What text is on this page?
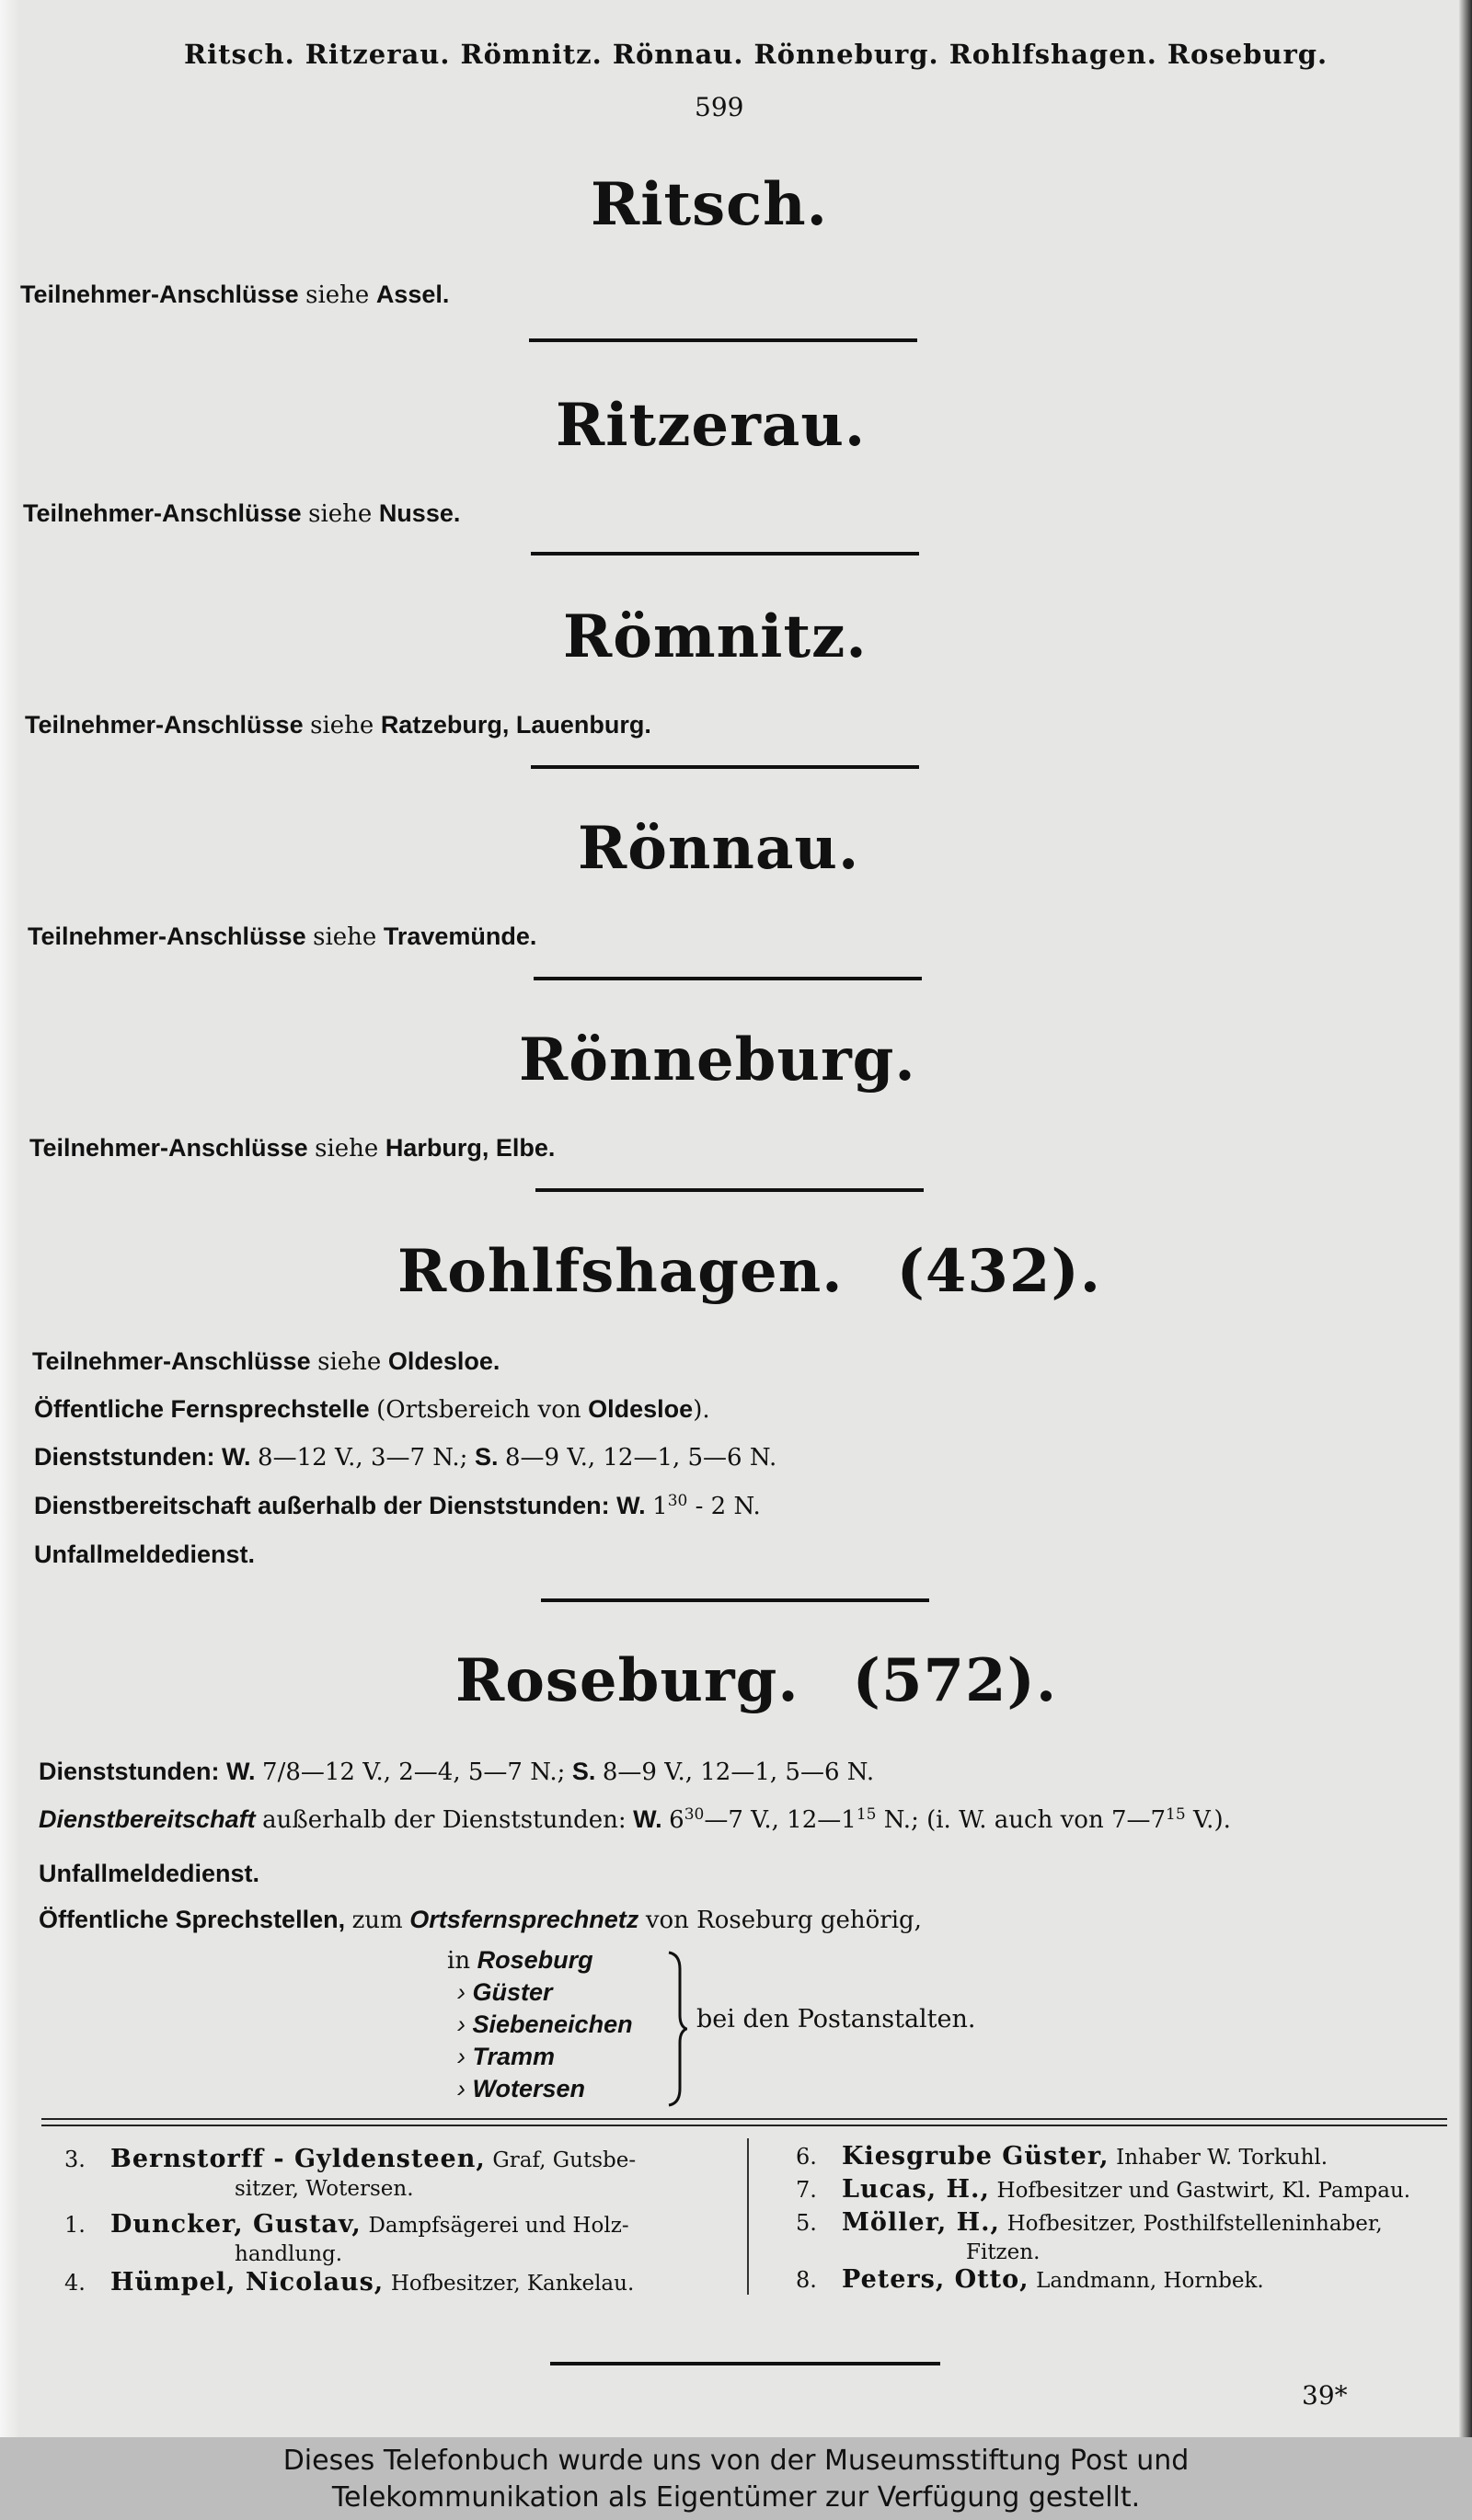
Ritsch. Ritzerau. Römnitz. Rönnau. Rönneburg. Rohlfshagen. Roseburg.
599
Ritsch.
Teilnehmer-Anschlüsse siehe Assel.
Ritzerau.
Teilnehmer-Anschlüsse siehe Nusse.
Römnitz.
Teilnehmer-Anschlüsse siehe Ratzeburg, Lauenburg.
Rönnau.
Teilnehmer-Anschlüsse siehe Travemünde.
Rönneburg.
Teilnehmer-Anschlüsse siehe Harburg, Elbe.
Rohlfshagen. (432).
Teilnehmer-Anschlüsse siehe Oldesloe.
Öffentliche Fernsprechstelle (Ortsbereich von Oldesloe).
Dienststunden: W. 8—12 V., 3—7 N.; S. 8—9 V., 12—1, 5—6 N.
Dienstbereitschaft außerhalb der Dienststunden: W. $1^{30} - 2$ N.
Unfallmeldedienst.
Roseburg. (572).
Dienststunden: W. 7/8—12 V., 2—4, 5—7 N.; S. 8—9 V., 12—1, 5—6 N.
Dienstbereitschaft außerhalb der Dienststunden: W. $6^{30}—7$ V., $12—1^{15}$ N.; (i. W. auch von $7—7^{15}$ V.).
Unfallmeldedienst.
Öffentliche Sprechstellen, zum Ortsfernsprechnetz von Roseburg gehörig,
in Roseburg
› Güster
› Siebeneichen
› Tramm
› Wotersen
bei den Postanstalten.
3. Bernstorff - Gyldensteen, Graf, Gutsbe-
sitzer, Wotersen.
1. Duncker, Gustav, Dampfsägerei und Holz-
handlung.
4. Hümpel, Nicolaus, Hofbesitzer, Kankelau.
6. Kiesgrube Güster, Inhaber W. Torkuhl.
7. Lucas, H., Hofbesitzer und Gastwirt, Kl. Pampau.
5. Möller, H., Hofbesitzer, Posthilfstelleninhaber,
Fitzen.
8. Peters, Otto, Landmann, Hornbek.
39*
Dieses Telefonbuch wurde uns von der Museumsstiftung Post und
Telekommunikation als Eigentümer zur Verfügung gestellt.
